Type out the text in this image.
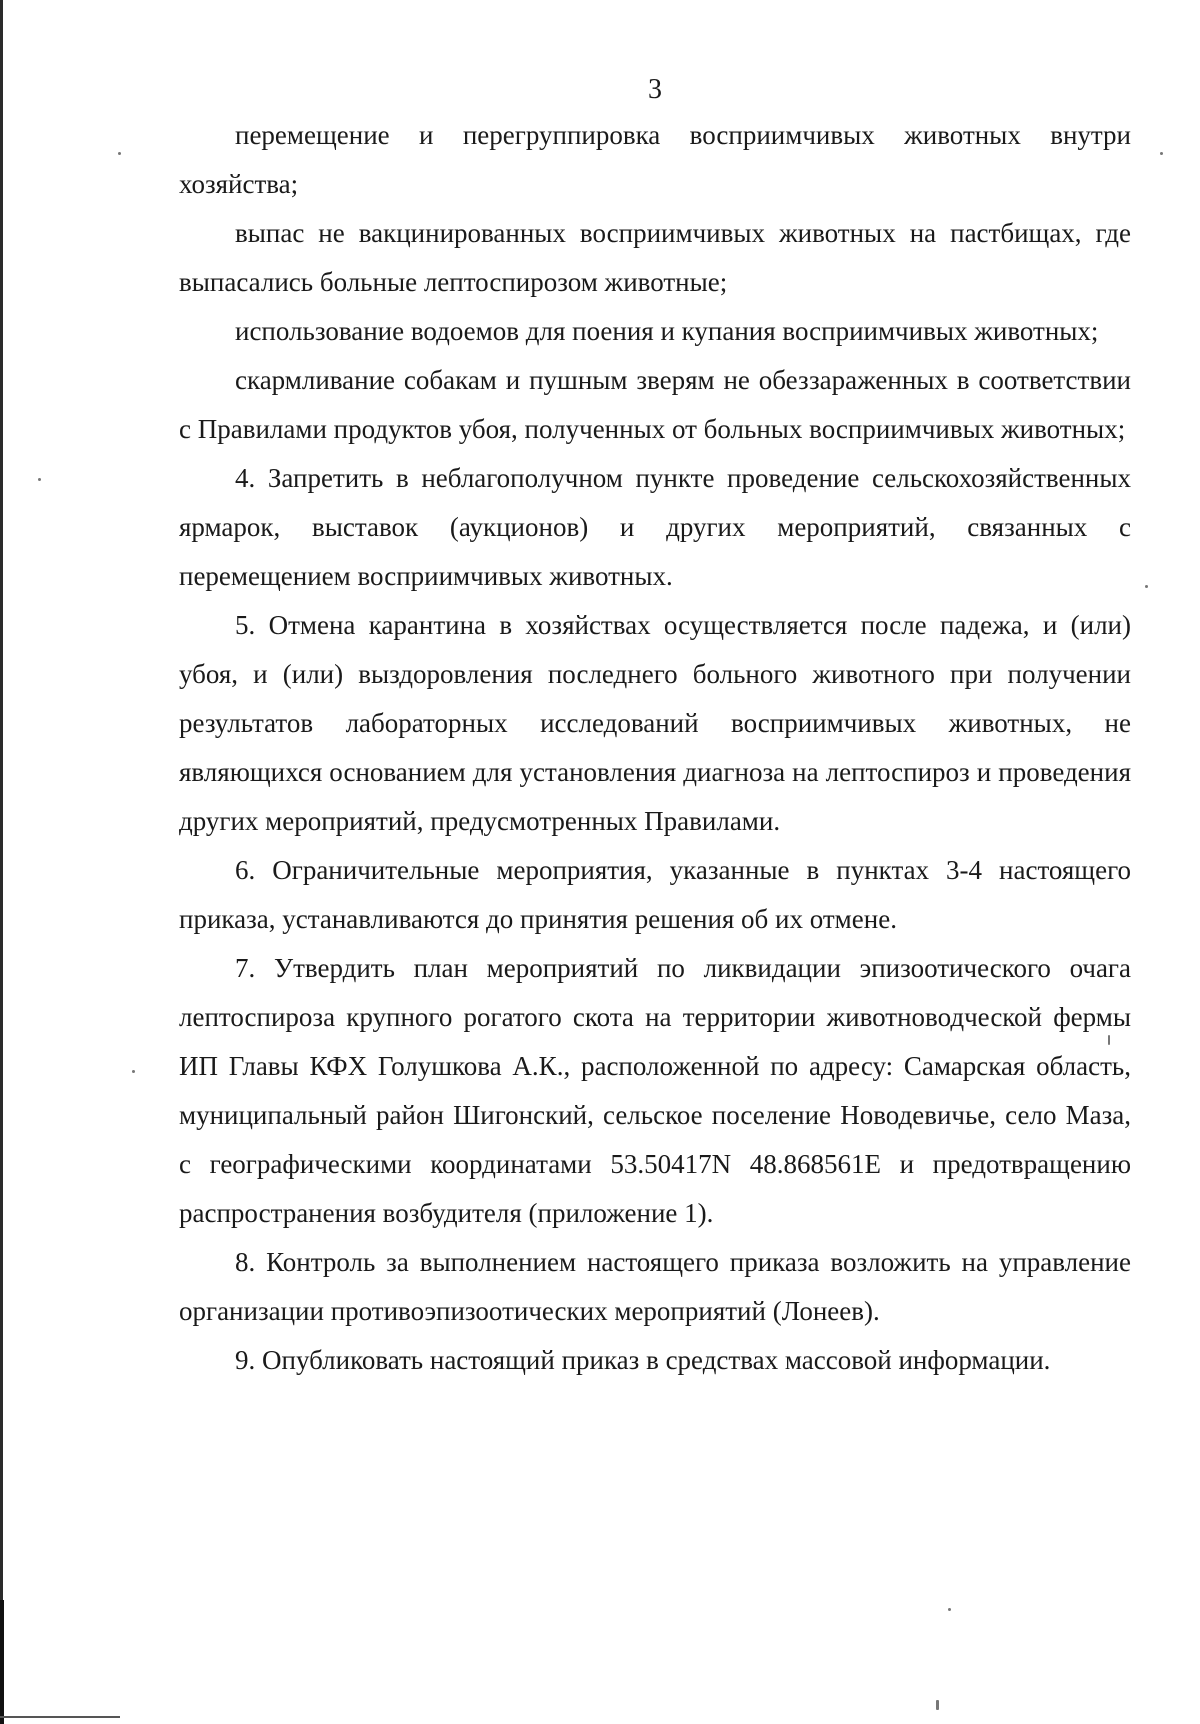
3

перемещение и перегруппировка восприимчивых животных внутри хозяйства;

выпас не вакцинированных восприимчивых животных на пастбищах, где выпасались больные лептоспирозом животные;

использование водоемов для поения и купания восприимчивых животных;

скармливание собакам и пушным зверям не обеззараженных в соответствии с Правилами продуктов убоя, полученных от больных восприимчивых животных;

4. Запретить в неблагополучном пункте проведение сельскохозяйственных ярмарок, выставок (аукционов) и других мероприятий, связанных с перемещением восприимчивых животных.

5. Отмена карантина в хозяйствах осуществляется после падежа, и (или) убоя, и (или) выздоровления последнего больного животного при получении результатов лабораторных исследований восприимчивых животных, не являющихся основанием для установления диагноза на лептоспироз и проведения других мероприятий, предусмотренных Правилами.

6. Ограничительные мероприятия, указанные в пунктах 3-4 настоящего приказа, устанавливаются до принятия решения об их отмене.

7. Утвердить план мероприятий по ликвидации эпизоотического очага лептоспироза крупного рогатого скота на территории животноводческой фермы ИП Главы КФХ Голушкова А.К., расположенной по адресу: Самарская область, муниципальный район Шигонский, сельское поселение Новодевичье, село Маза, с географическими координатами 53.50417N 48.868561E и предотвращению распространения возбудителя (приложение 1).

8. Контроль за выполнением настоящего приказа возложить на управление организации противоэпизоотических мероприятий (Лонеев).

9. Опубликовать настоящий приказ в средствах массовой информации.
